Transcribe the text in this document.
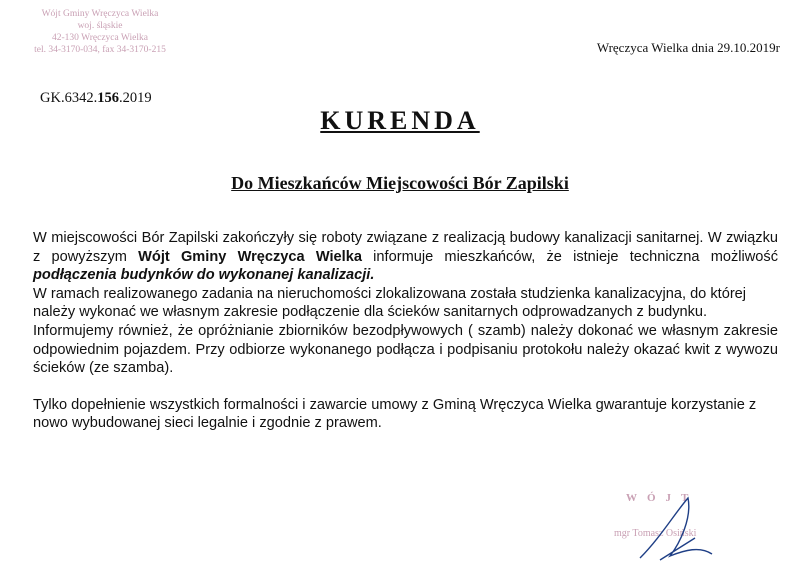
Wójt Gminy Wręczyca Wielka
woj. śląskie
42-130 Wręczyca Wielka
tel. 34-3170-034, fax 34-3170-215	Wręczyca Wielka dnia 29.10.2019r
GK.6342.156.2019
KURENDA
Do Mieszkańców Miejscowości Bór Zapilski

W miejscowości Bór Zapilski zakończyły się roboty związane z realizacją budowy kanalizacji sanitarnej. W związku z powyższym Wójt Gminy Wręczyca Wielka informuje mieszkańców, że istnieje techniczna możliwość podłączenia budynków do wykonanej kanalizacji.

W ramach realizowanego zadania na nieruchomości zlokalizowana została studzienka kanalizacyjna, do której należy wykonać we własnym zakresie podłączenie dla ścieków sanitarnych odprowadzanych z budynku.

Informujemy również, że opróżnianie zbiorników bezodpływowych ( szamb) należy dokonać we własnym zakresie odpowiednim pojazdem. Przy odbiorze wykonanego podłącza i podpisaniu protokołu należy okazać kwit z wywozu ścieków (ze szamba).

Tylko dopełnienie wszystkich formalności i zawarcie umowy z Gminą Wręczyca Wielka gwarantuje korzystanie z nowo wybudowanej sieci legalnie i zgodnie z prawem.

WÓJT
mgr Tomasz Osiński
